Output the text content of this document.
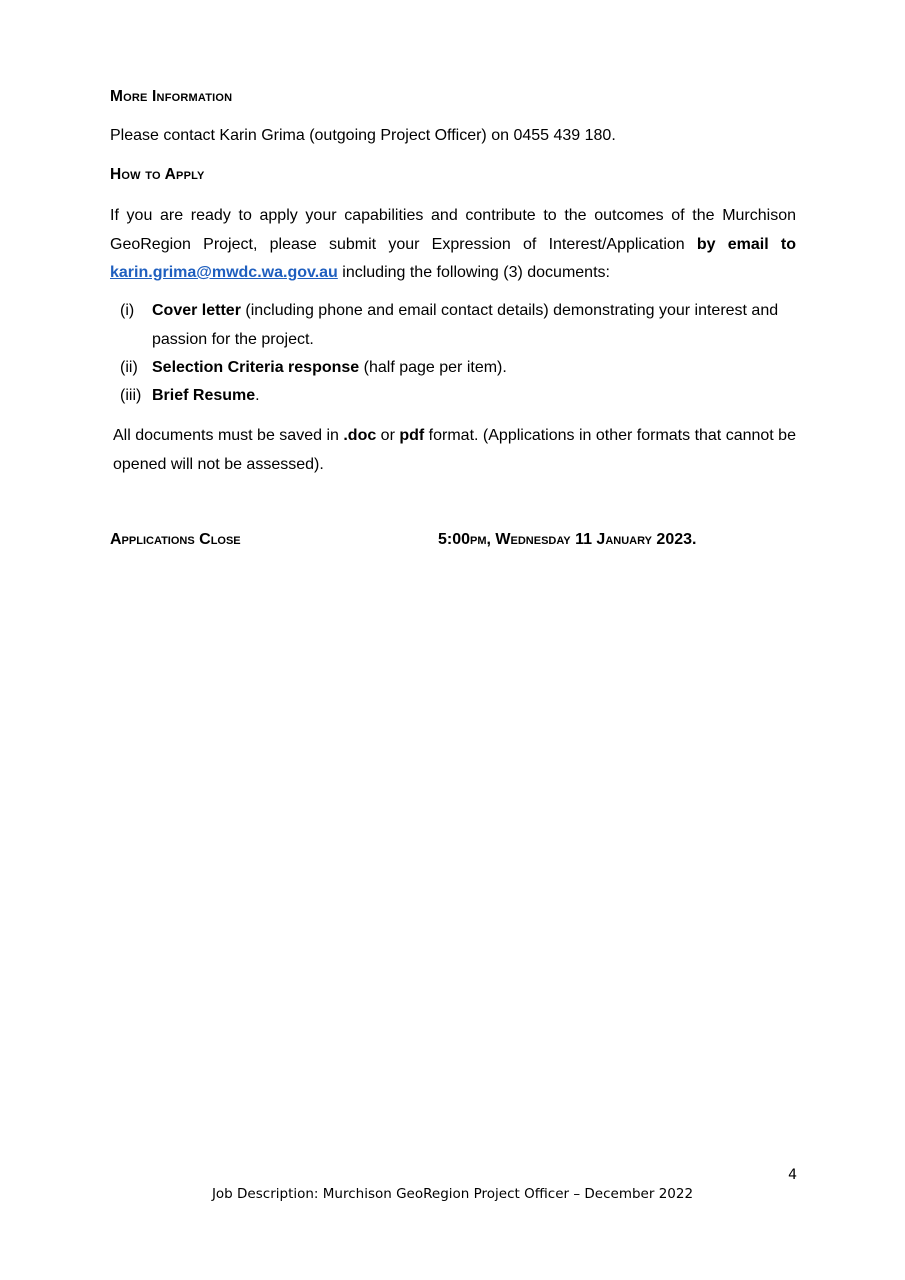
More Information

Please contact Karin Grima (outgoing Project Officer) on 0455 439 180.

How to Apply

If you are ready to apply your capabilities and contribute to the outcomes of the Murchison GeoRegion Project, please submit your Expression of Interest/Application by email to karin.grima@mwdc.wa.gov.au including the following (3) documents:

(i) Cover letter (including phone and email contact details) demonstrating your interest and passion for the project.
(ii) Selection Criteria response (half page per item).
(iii) Brief Resume.

All documents must be saved in .doc or pdf format. (Applications in other formats that cannot be opened will not be assessed).

Applications Close	5:00pm, Wednesday 11 January 2023.
4
Job Description: Murchison GeoRegion Project Officer – December 2022
